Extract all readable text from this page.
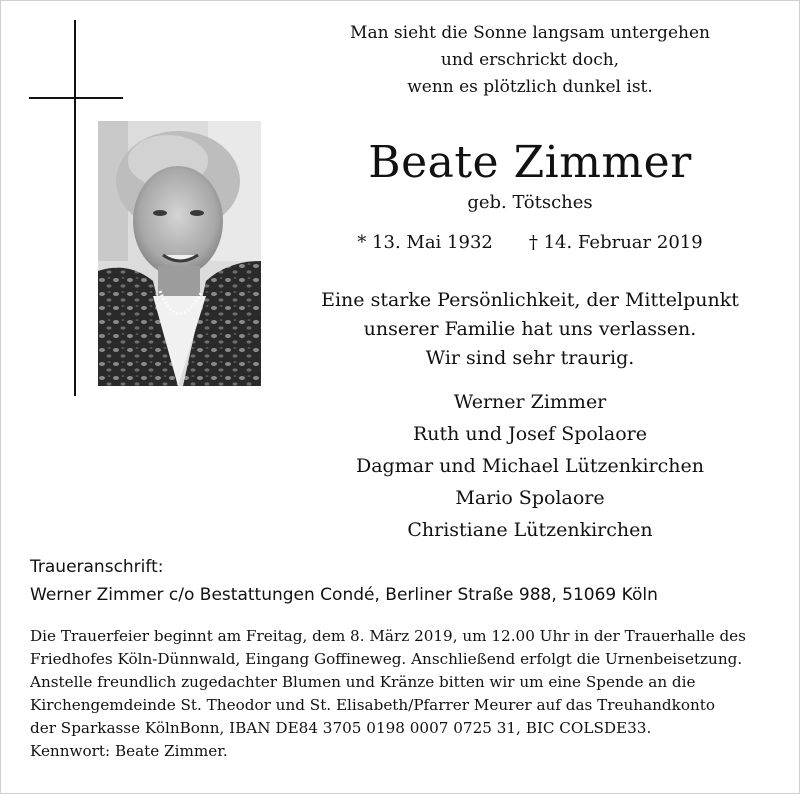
Man sieht die Sonne langsam untergehen
und erschrickt doch,
wenn es plötzlich dunkel ist.
Beate Zimmer
geb. Tötsches
* 13. Mai 1932 † 14. Februar 2019
Eine starke Persönlichkeit, der Mittelpunkt
unserer Familie hat uns verlassen.
Wir sind sehr traurig.
Werner Zimmer
Ruth und Josef Spolaore
Dagmar und Michael Lützenkirchen
Mario Spolaore
Christiane Lützenkirchen
Traueranschrift:
Werner Zimmer c/o Bestattungen Condé, Berliner Straße 988, 51069 Köln
Die Trauerfeier beginnt am Freitag, dem 8. März 2019, um 12.00 Uhr in der Trauerhalle des
Friedhofes Köln-Dünnwald, Eingang Goffineweg. Anschließend erfolgt die Urnenbeisetzung.
Anstelle freundlich zugedachter Blumen und Kränze bitten wir um eine Spende an die
Kirchengemdeinde St. Theodor und St. Elisabeth/Pfarrer Meurer auf das Treuhandkonto
der Sparkasse KölnBonn, IBAN DE84 3705 0198 0007 0725 31, BIC COLSDE33.
Kennwort: Beate Zimmer.
